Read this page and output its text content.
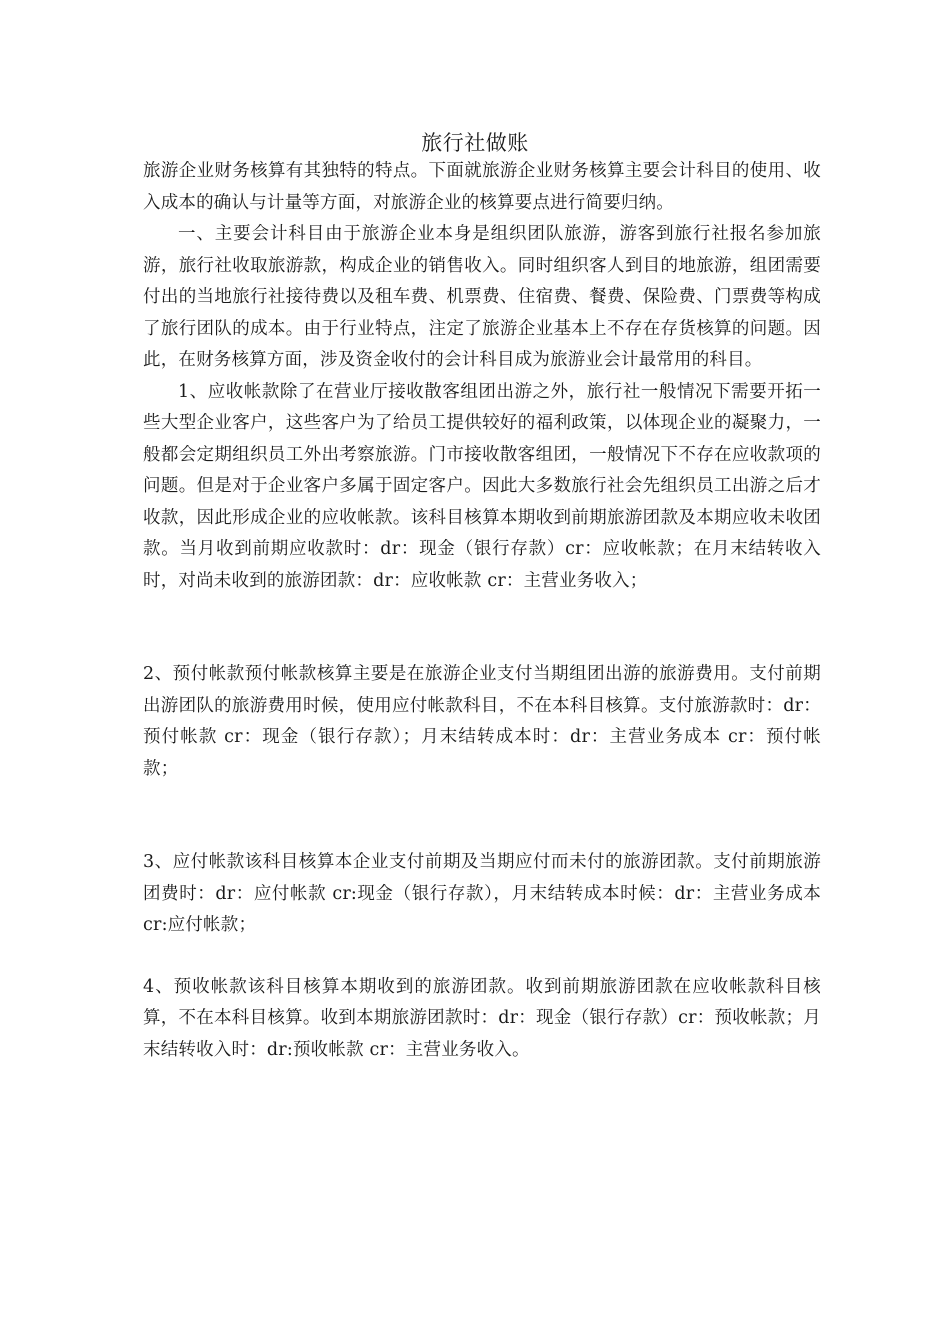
旅行社做账

旅游企业财务核算有其独特的特点。下面就旅游企业财务核算主要会计科目的使用、收入成本的确认与计量等方面，对旅游企业的核算要点进行简要归纳。

一、主要会计科目由于旅游企业本身是组织团队旅游，游客到旅行社报名参加旅游，旅行社收取旅游款，构成企业的销售收入。同时组织客人到目的地旅游，组团需要付出的当地旅行社接待费以及租车费、机票费、住宿费、餐费、保险费、门票费等构成了旅行团队的成本。由于行业特点，注定了旅游企业基本上不存在存货核算的问题。因此，在财务核算方面，涉及资金收付的会计科目成为旅游业会计最常用的科目。

1、应收帐款除了在营业厅接收散客组团出游之外，旅行社一般情况下需要开拓一些大型企业客户，这些客户为了给员工提供较好的福利政策，以体现企业的凝聚力，一般都会定期组织员工外出考察旅游。门市接收散客组团，一般情况下不存在应收款项的问题。但是对于企业客户多属于固定客户。因此大多数旅行社会先组织员工出游之后才收款，因此形成企业的应收帐款。该科目核算本期收到前期旅游团款及本期应收未收团款。当月收到前期应收款时：dr：现金（银行存款）cr：应收帐款；在月末结转收入时，对尚未收到的旅游团款：dr：应收帐款 cr：主营业务收入；

2、预付帐款预付帐款核算主要是在旅游企业支付当期组团出游的旅游费用。支付前期出游团队的旅游费用时候，使用应付帐款科目，不在本科目核算。支付旅游款时：dr：预付帐款 cr：现金（银行存款）；月末结转成本时：dr：主营业务成本 cr：预付帐款；

3、应付帐款该科目核算本企业支付前期及当期应付而未付的旅游团款。支付前期旅游团费时：dr：应付帐款 cr:现金（银行存款），月末结转成本时候：dr：主营业务成本 cr:应付帐款；

4、预收帐款该科目核算本期收到的旅游团款。收到前期旅游团款在应收帐款科目核算，不在本科目核算。收到本期旅游团款时：dr：现金（银行存款）cr：预收帐款；月末结转收入时：dr:预收帐款 cr：主营业务收入。
